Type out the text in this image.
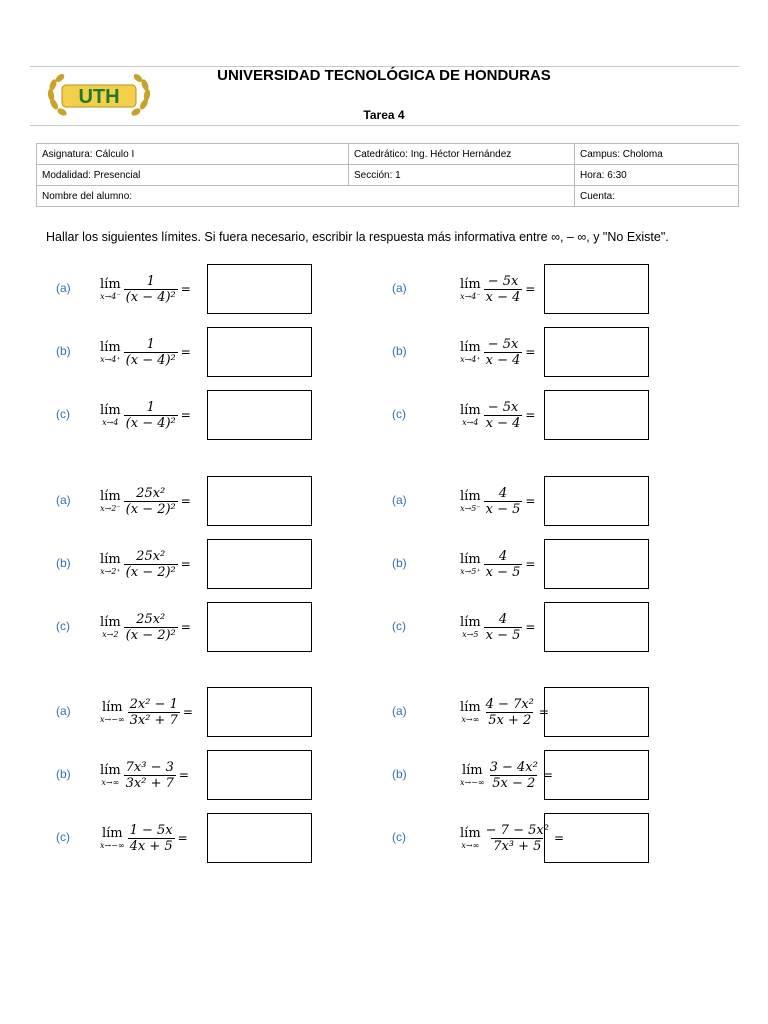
UTH
UNIVERSIDAD TECNOLÓGICA DE HONDURAS
Tarea 4
Asignatura: Cálculo I	Catedrático: Ing. Héctor Hernández	Campus: Choloma
Modalidad: Presencial	Sección: 1	Hora: 6:30
Nombre del alumno:		Cuenta:
Hallar los siguientes límites. Si fuera necesario, escribir la respuesta más informativa entre ∞, – ∞, y "No Existe".
(a) lím
$x\to 4^- \frac{1}{\text{(x − 4)²}}$ =	(a)	lím
$x\to 4^- \frac{- 5x}{x - 4}$ =
(b) lím
$x\to 4^+ \frac{1}{\text{(x − 4)²}}$ =	(b)	lím
$x\to 4^+ \frac{- 5x}{x - 4}$ =
(c) lím
$x\to 4 \frac{1}{\text{(x − 4)²}}$ =	(c)	lím
$x\to 4 \frac{- 5x}{x - 4}$ =
(a) lím
$x\to 2^- \frac{\text{25x²}}{\text{(x − 2)²}}$ =	(a)	lím
$x\to 5^- \frac{4}{x - 5}$ =
(b) lím
$x\to 2^+ \frac{\text{25x²}}{\text{(x − 2)²}}$ =	(b)	lím
$x\to 5^+ \frac{4}{x - 5}$ =
(c) lím
$x\to 2 \frac{\text{25x²}}{\text{(x − 2)²}}$ =	(c)	lím
$x\to 5 \frac{4}{x - 5}$ =
(a) lím
$x\to-\infty \frac{\text{2x² − 1}}{\text{3x² + 7}}$ =	(a)	lím
$x\to\infty \frac{\text{4 − 7x²}}{5x + 2}$ =
(b) lím
$x\to\infty \frac{\text{7x³ − 3}}{\text{3x² + 7}}$ =	(b)	lím
$x\to-\infty \frac{\text{3 − 4x²}}{5x - 2}$ =
(c) lím
$x\to-\infty \frac{1 - 5x}{4x + 5}$ =	(c)	lím
$x\to\infty \frac{\text{− 7 − 5x²}}{\text{7x³ + 5}}$ =
